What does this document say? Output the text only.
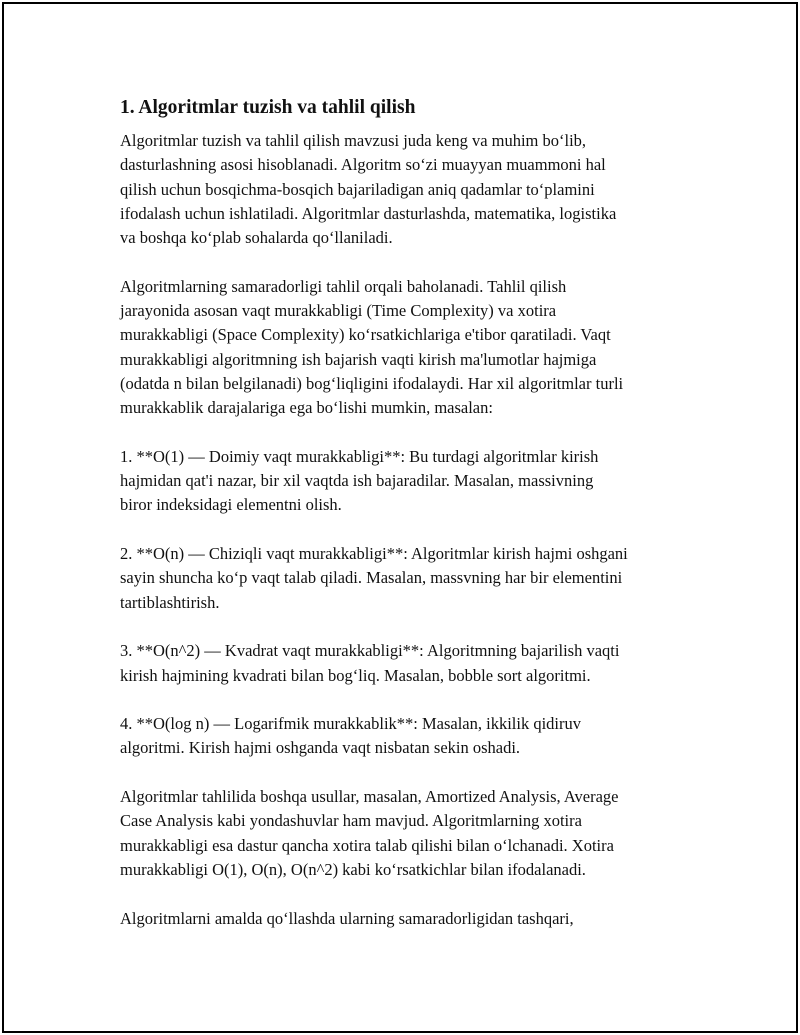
1. Algoritmlar tuzish va tahlil qilish

Algoritmlar tuzish va tahlil qilish mavzusi juda keng va muhim bo‘lib,
dasturlashning asosi hisoblanadi. Algoritm so‘zi muayyan muammoni hal
qilish uchun bosqichma-bosqich bajariladigan aniq qadamlar to‘plamini
ifodalash uchun ishlatiladi. Algoritmlar dasturlashda, matematika, logistika
va boshqa ko‘plab sohalarda qo‘llaniladi.

Algoritmlarning samaradorligi tahlil orqali baholanadi. Tahlil qilish
jarayonida asosan vaqt murakkabligi (Time Complexity) va xotira
murakkabligi (Space Complexity) ko‘rsatkichlariga e'tibor qaratiladi. Vaqt
murakkabligi algoritmning ish bajarish vaqti kirish ma'lumotlar hajmiga
(odatda n bilan belgilanadi) bog‘liqligini ifodalaydi. Har xil algoritmlar turli
murakkablik darajalariga ega bo‘lishi mumkin, masalan:

1. **O(1) — Doimiy vaqt murakkabligi**: Bu turdagi algoritmlar kirish
hajmidan qat'i nazar, bir xil vaqtda ish bajaradilar. Masalan, massivning
biror indeksidagi elementni olish.

2. **O(n) — Chiziqli vaqt murakkabligi**: Algoritmlar kirish hajmi oshgani
sayin shuncha ko‘p vaqt talab qiladi. Masalan, massvning har bir elementini
tartiblashtirish.

3. **O(n^2) — Kvadrat vaqt murakkabligi**: Algoritmning bajarilish vaqti
kirish hajmining kvadrati bilan bog‘liq. Masalan, bobble sort algoritmi.

4. **O(log n) — Logarifmik murakkablik**: Masalan, ikkilik qidiruv
algoritmi. Kirish hajmi oshganda vaqt nisbatan sekin oshadi.

Algoritmlar tahlilida boshqa usullar, masalan, Amortized Analysis, Average
Case Analysis kabi yondashuvlar ham mavjud. Algoritmlarning xotira
murakkabligi esa dastur qancha xotira talab qilishi bilan o‘lchanadi. Xotira
murakkabligi O(1), O(n), O(n^2) kabi ko‘rsatkichlar bilan ifodalanadi.

Algoritmlarni amalda qo‘llashda ularning samaradorligidan tashqari,
